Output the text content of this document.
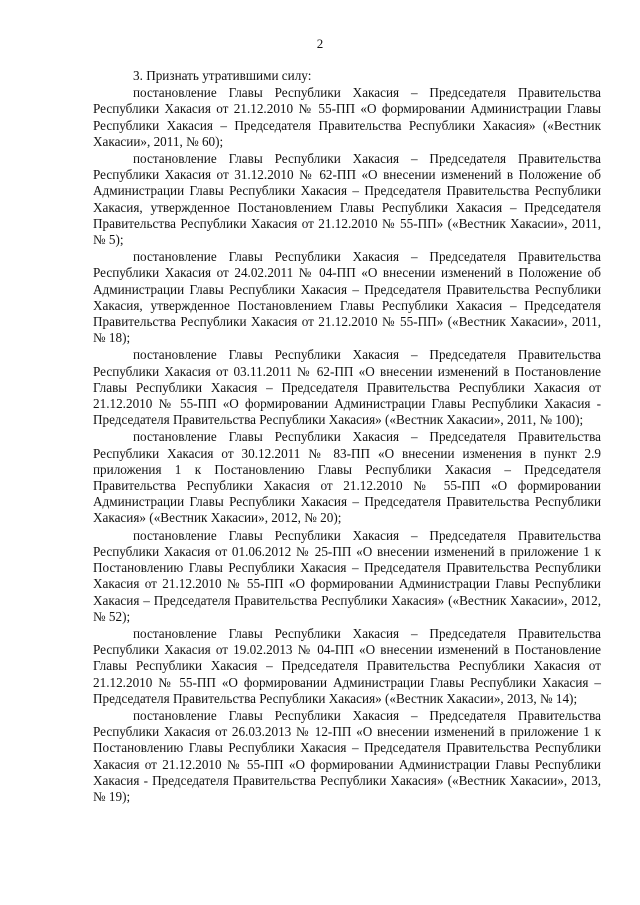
2

3. Признать утратившими силу:

постановление Главы Республики Хакасия – Председателя Правительства Республики Хакасия от 21.12.2010 № 55-ПП «О формировании Администрации Главы Республики Хакасия – Председателя Правительства Республики Хакасия» («Вестник Хакасии», 2011, № 60);

постановление Главы Республики Хакасия – Председателя Правительства Республики Хакасия от 31.12.2010 № 62-ПП «О внесении изменений в Положение об Администрации Главы Республики Хакасия – Председателя Правительства Республики Хакасия, утвержденное Постановлением Главы Республики Хакасия – Председателя Правительства Республики Хакасия от 21.12.2010 № 55-ПП» («Вестник Хакасии», 2011, № 5);

постановление Главы Республики Хакасия – Председателя Правительства Республики Хакасия от 24.02.2011 № 04-ПП «О внесении изменений в Положение об Администрации Главы Республики Хакасия – Председателя Правительства Республики Хакасия, утвержденное Постановлением Главы Республики Хакасия – Председателя Правительства Республики Хакасия от 21.12.2010 № 55-ПП» («Вестник Хакасии», 2011, № 18);

постановление Главы Республики Хакасия – Председателя Правительства Республики Хакасия от 03.11.2011 № 62-ПП «О внесении изменений в Постановление Главы Республики Хакасия – Председателя Правительства Республики Хакасия от 21.12.2010 № 55-ПП «О формировании Администрации Главы Республики Хакасия - Председателя Правительства Республики Хакасия» («Вестник Хакасии», 2011, № 100);

постановление Главы Республики Хакасия – Председателя Правительства Республики Хакасия от 30.12.2011 № 83-ПП «О внесении изменения в пункт 2.9 приложения 1 к Постановлению Главы Республики Хакасия – Председателя Правительства Республики Хакасия от 21.12.2010 № 55-ПП «О формировании Администрации Главы Республики Хакасия – Председателя Правительства Республики Хакасия» («Вестник Хакасии», 2012, № 20);

постановление Главы Республики Хакасия – Председателя Правительства Республики Хакасия от 01.06.2012 № 25-ПП «О внесении изменений в приложение 1 к Постановлению Главы Республики Хакасия – Председателя Правительства Республики Хакасия от 21.12.2010 № 55-ПП «О формировании Администрации Главы Республики Хакасия – Председателя Правительства Республики Хакасия» («Вестник Хакасии», 2012, № 52);

постановление Главы Республики Хакасия – Председателя Правительства Республики Хакасия от 19.02.2013 № 04-ПП «О внесении изменений в Постановление Главы Республики Хакасия – Председателя Правительства Республики Хакасия от 21.12.2010 № 55-ПП «О формировании Администрации Главы Республики Хакасия – Председателя Правительства Республики Хакасия» («Вестник Хакасии», 2013, № 14);

постановление Главы Республики Хакасия – Председателя Правительства Республики Хакасия от 26.03.2013 № 12-ПП «О внесении изменений в приложение 1 к Постановлению Главы Республики Хакасия – Председателя Правительства Республики Хакасия от 21.12.2010 № 55-ПП «О формировании Администрации Главы Республики Хакасия - Председателя Правительства Республики Хакасия» («Вестник Хакасии», 2013, № 19);
